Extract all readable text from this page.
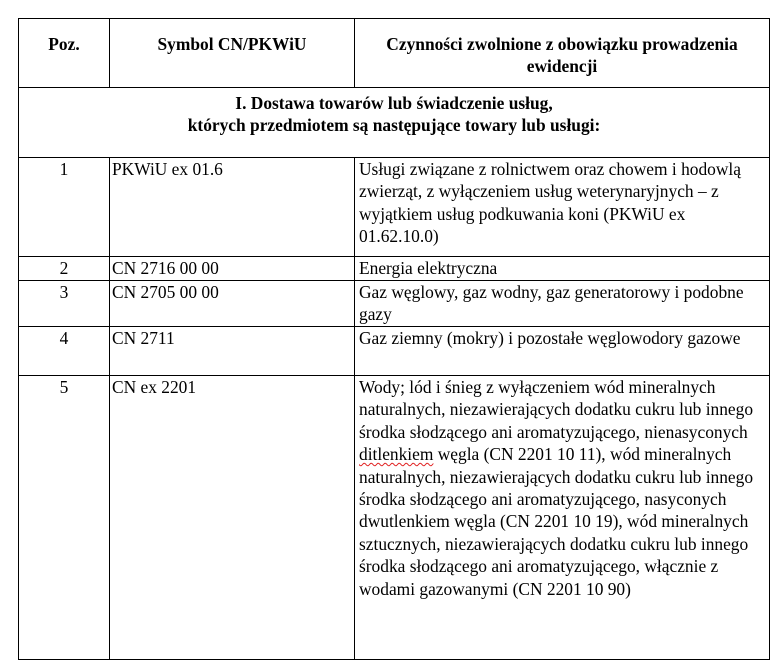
Poz.	Symbol CN/PKWiU	Czynności zwolnione z obowiązku prowadzenia ewidencji

I. Dostawa towarów lub świadczenie usług,
których przedmiotem są następujące towary lub usługi:		

1	PKWiU ex 01.6	Usługi związane z rolnictwem oraz chowem i hodowlą zwierząt, z wyłączeniem usług weterynaryjnych – z wyjątkiem usług podkuwania koni (PKWiU ex 01.62.10.0)
2	CN 2716 00 00	Energia elektryczna
3	CN 2705 00 00	Gaz węglowy, gaz wodny, gaz generatorowy i podobne gazy
4	CN 2711	Gaz ziemny (mokry) i pozostałe węglowodory gazowe
5	CN ex 2201	Wody; lód i śnieg z wyłączeniem wód mineralnych naturalnych, niezawierających dodatku cukru lub innego środka słodzącego ani aromatyzującego, nienasyconych ditlenkiem węgla (CN 2201 10 11), wód mineralnych naturalnych, niezawierających dodatku cukru lub innego środka słodzącego ani aromatyzującego, nasyconych dwutlenkiem węgla (CN 2201 10 19), wód mineralnych sztucznych, niezawierających dodatku cukru lub innego środka słodzącego ani aromatyzującego, włącznie z wodami gazowanymi (CN 2201 10 90)
